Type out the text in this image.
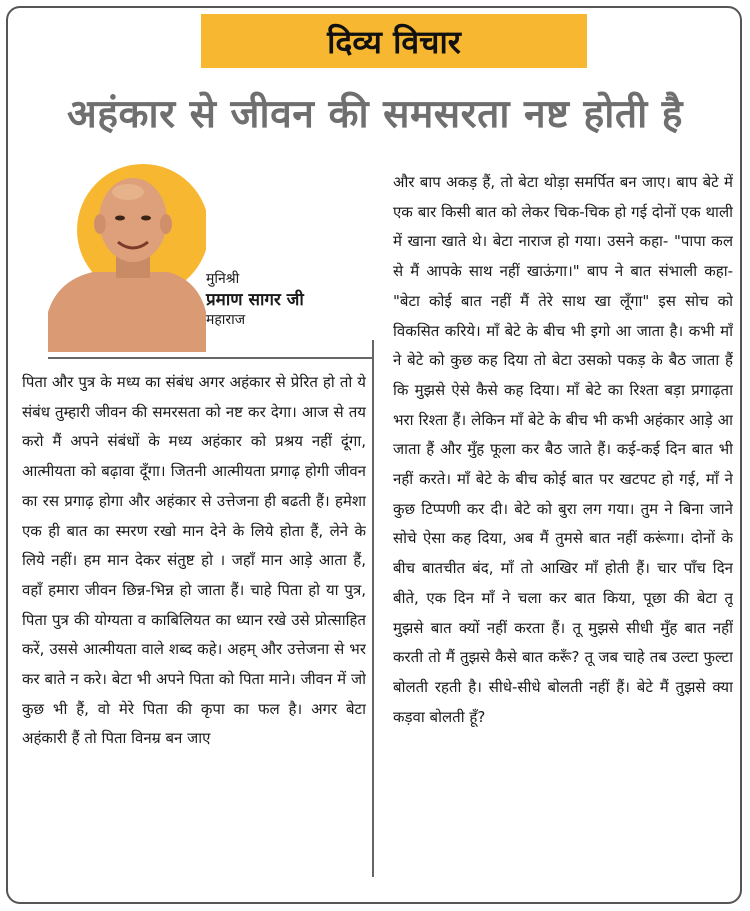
दिव्य विचार
अहंकार से जीवन की समसरता नष्ट होती है
मुनिश्री
प्रमाण सागर जी
महाराज

पिता और पुत्र के मध्य का संबंध अगर अहंकार से प्रेरित हो तो ये संबंध तुम्हारी जीवन की समरसता को नष्ट कर देगा। आज से तय करो मैं अपने संबंधों के मध्य अहंकार को प्रश्रय नहीं दूंगा, आत्मीयता को बढ़ावा दूँगा। जितनी आत्मीयता प्रगाढ़ होगी जीवन का रस प्रगाढ़ होगा और अहंकार से उत्तेजना ही बढती हैं। हमेशा एक ही बात का स्मरण रखो मान देने के लिये होता हैं, लेने के लिये नहीं। हम मान देकर संतुष्ट हो । जहाँ मान आड़े आता हैं, वहाँ हमारा जीवन छिन्न-भिन्न हो जाता हैं। चाहे पिता हो या पुत्र, पिता पुत्र की योग्यता व काबिलियत का ध्यान रखे उसे प्रोत्साहित करें, उससे आत्मीयता वाले शब्द कहे। अहम् और उत्तेजना से भर कर बाते न करे। बेटा भी अपने पिता को पिता माने। जीवन में जो कुछ भी हैं, वो मेरे पिता की कृपा का फल है। अगर बेटा अहंकारी हैं तो पिता विनम्र बन जाए

और बाप अकड़ हैं, तो बेटा थोड़ा समर्पित बन जाए। बाप बेटे में एक बार किसी बात को लेकर चिक-चिक हो गई दोनों एक थाली में खाना खाते थे। बेटा नाराज हो गया। उसने कहा- "पापा कल से मैं आपके साथ नहीं खाऊंगा।" बाप ने बात संभाली कहा- "बेटा कोई बात नहीं मैं तेरे साथ खा लूँगा" इस सोच को विकसित करिये। माँ बेटे के बीच भी इगो आ जाता है। कभी माँ ने बेटे को कुछ कह दिया तो बेटा उसको पकड़ के बैठ जाता हैं कि मुझसे ऐसे कैसे कह दिया। माँ बेटे का रिश्ता बड़ा प्रगाढ़ता भरा रिश्ता हैं। लेकिन माँ बेटे के बीच भी कभी अहंकार आड़े आ जाता हैं और मुँह फूला कर बैठ जाते हैं। कई-कई दिन बात भी नहीं करते। माँ बेटे के बीच कोई बात पर खटपट हो गई, माँ ने कुछ टिप्पणी कर दी। बेटे को बुरा लग गया। तुम ने बिना जाने सोचे ऐसा कह दिया, अब मैं तुमसे बात नहीं करूंगा। दोनों के बीच बातचीत बंद, माँ तो आखिर माँ होती हैं। चार पाँच दिन बीते, एक दिन माँ ने चला कर बात किया, पूछा की बेटा तू मुझसे बात क्यों नहीं करता हैं। तू मुझसे सीधी मुँह बात नहीं करती तो मैं तुझसे कैसे बात करूँ? तू जब चाहे तब उल्टा फुल्टा बोलती रहती है। सीधे-सीधे बोलती नहीं हैं। बेटे मैं तुझसे क्या कड़वा बोलती हूँ?
